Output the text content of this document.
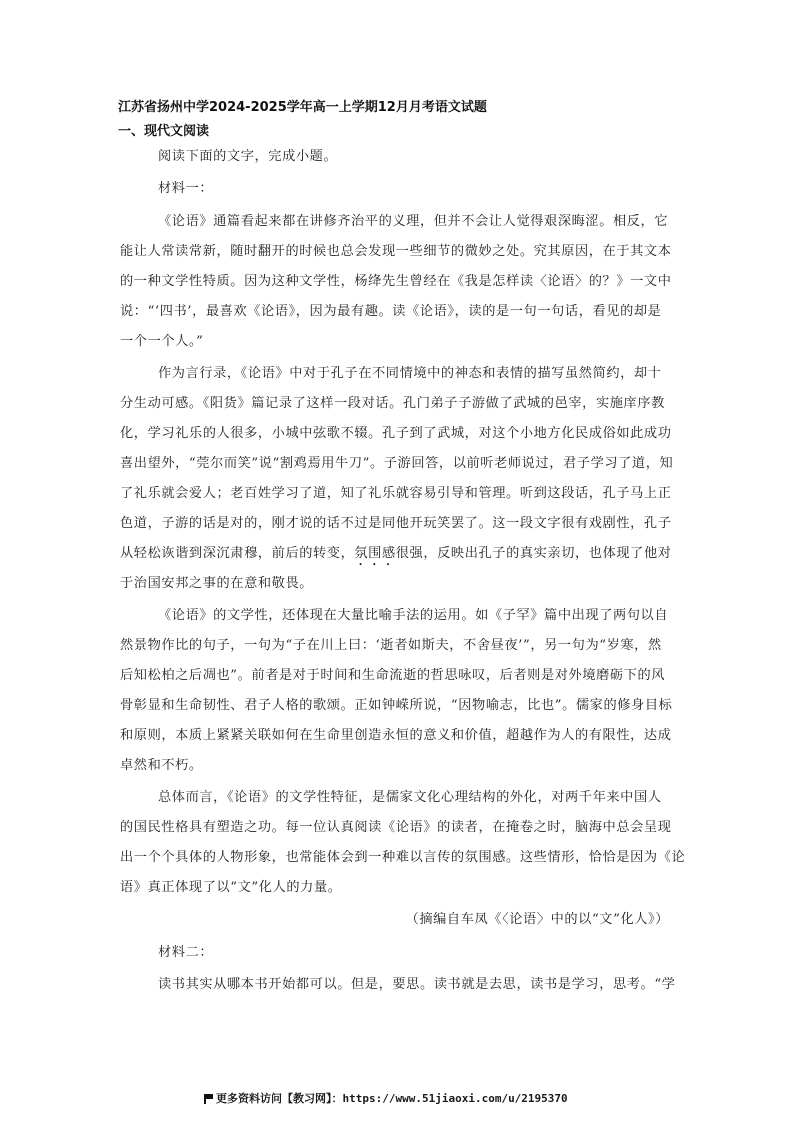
江苏省扬州中学2024-2025学年高一上学期12月月考语文试题
一、现代文阅读
阅读下面的文字，完成小题。
材料一：
《论语》通篇看起来都在讲修齐治平的义理，但并不会让人觉得艰深晦涩。相反，它
能让人常读常新，随时翻开的时候也总会发现一些细节的微妙之处。究其原因，在于其文本
的一种文学性特质。因为这种文学性，杨绛先生曾经在《我是怎样读〈论语〉的？》一文中
说：“‘四书’，最喜欢《论语》，因为最有趣。读《论语》，读的是一句一句话，看见的却是
一个一个人。”
作为言行录，《论语》中对于孔子在不同情境中的神态和表情的描写虽然简约，却十
分生动可感。《阳货》篇记录了这样一段对话。孔门弟子子游做了武城的邑宰，实施庠序教
化，学习礼乐的人很多，小城中弦歌不辍。孔子到了武城，对这个小地方化民成俗如此成功
喜出望外，“莞尔而笑”说“割鸡焉用牛刀”。子游回答，以前听老师说过，君子学习了道，知
了礼乐就会爱人；老百姓学习了道，知了礼乐就容易引导和管理。听到这段话，孔子马上正
色道，子游的话是对的，刚才说的话不过是同他开玩笑罢了。这一段文字很有戏剧性，孔子
从轻松诙谐到深沉肃穆，前后的转变，氛围感很强，反映出孔子的真实亲切，也体现了他对
于治国安邦之事的在意和敬畏。
《论语》的文学性，还体现在大量比喻手法的运用。如《子罕》篇中出现了两句以自
然景物作比的句子，一句为“子在川上曰：‘逝者如斯夫，不舍昼夜’”，另一句为“岁寒，然
后知松柏之后凋也”。前者是对于时间和生命流逝的哲思咏叹，后者则是对外境磨砺下的风
骨彰显和生命韧性、君子人格的歌颂。正如钟嵘所说，“因物喻志，比也”。儒家的修身目标
和原则，本质上紧紧关联如何在生命里创造永恒的意义和价值，超越作为人的有限性，达成
卓然和不朽。
总体而言，《论语》的文学性特征，是儒家文化心理结构的外化，对两千年来中国人
的国民性格具有塑造之功。每一位认真阅读《论语》的读者，在掩卷之时，脑海中总会呈现
出一个个具体的人物形象，也常能体会到一种难以言传的氛围感。这些情形，恰恰是因为《论
语》真正体现了以“文”化人的力量。
（摘编自车凤《〈论语〉中的以“文”化人》）
材料二：
读书其实从哪本书开始都可以。但是，要思。读书就是去思，读书是学习，思考。“学
更多资料访问【教习网】：https://www.51jiaoxi.com/u/2195370
